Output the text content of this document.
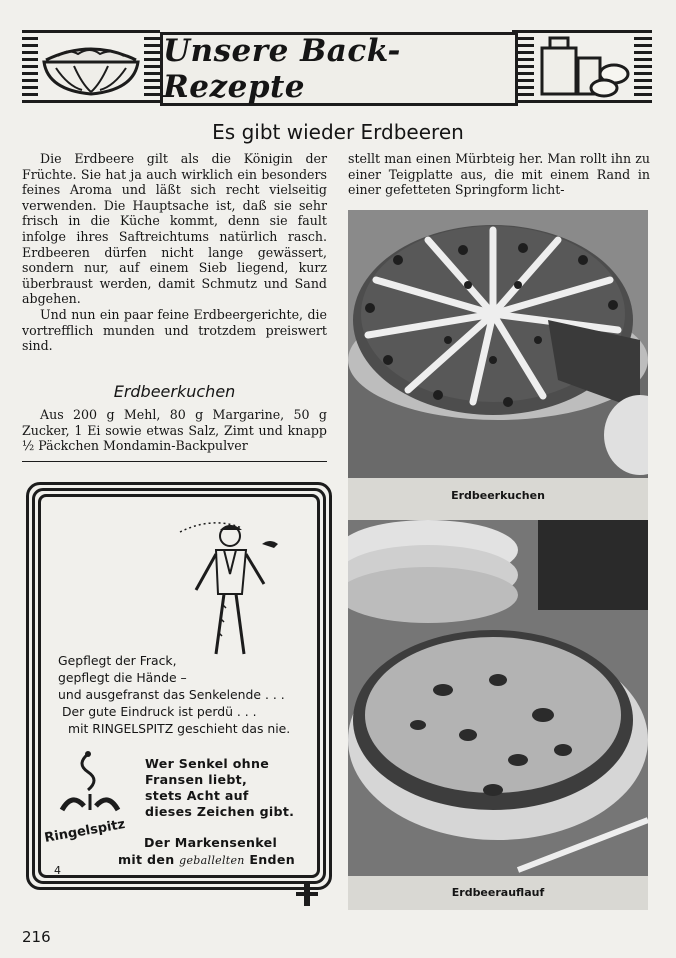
Unsere Back-Rezepte
Es gibt wieder Erdbeeren

Die Erdbeere gilt als die Königin der Früchte. Sie hat ja auch wirklich ein besonders feines Aroma und läßt sich recht vielseitig verwenden. Die Hauptsache ist, daß sie sehr frisch in die Küche kommt, denn sie fault infolge ihres Saftreichtums natürlich rasch. Erdbeeren dürfen nicht lange gewässert, sondern nur, auf einem Sieb liegend, kurz überbraust werden, damit Schmutz und Sand abgehen.

Und nun ein paar feine Erdbeergerichte, die vortrefflich munden und trotzdem preiswert sind.

Erdbeerkuchen

Aus 200 g Mehl, 80 g Margarine, 50 g Zucker, 1 Ei sowie etwas Salz, Zimt und knapp ½ Päckchen Mondamin-Backpulver

stellt man einen Mürbteig her. Man rollt ihn zu einer Teigplatte aus, die mit einem Rand in einer gefetteten Springform licht-

Erdbeerkuchen
Erdbeerauflauf
Gepflegt der Frack,
gepflegt die Hände –
und ausgefranst das Senkelende . . .
Der gute Eindruck ist perdü . . .
mit RINGELSPITZ geschieht das nie.
Ringelspitz
Wer Senkel ohne
Fransen liebt,
stets Acht auf
dieses Zeichen gibt.
Der Markensenkel
mit den geballelten Enden
4
216
